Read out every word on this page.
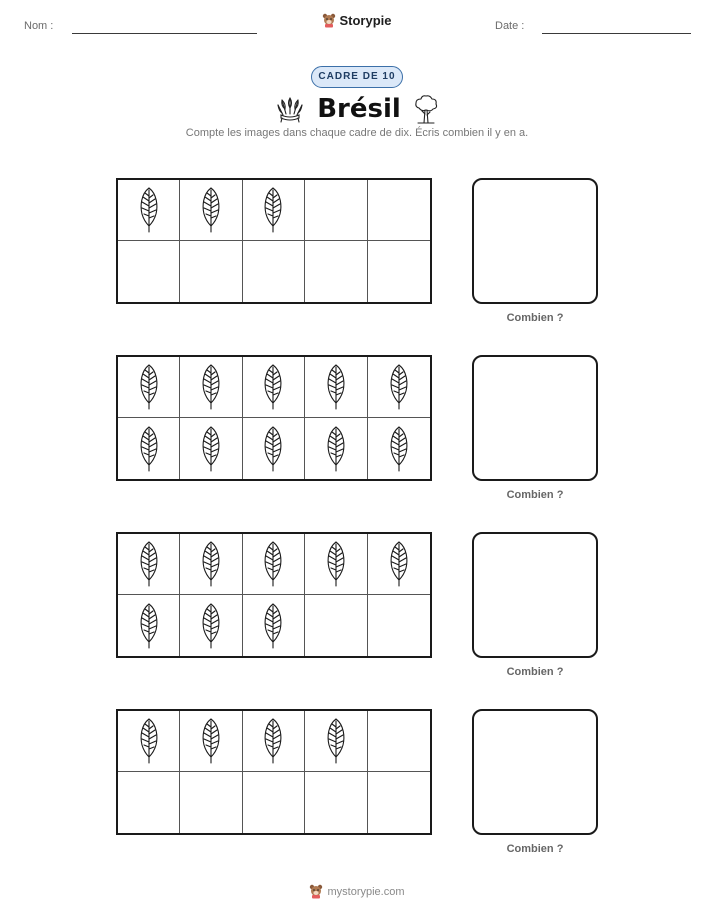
Nom :	Storypie	Date :
CADRE DE 10
Brésil
Compte les images dans chaque cadre de dix. Écris combien il y en a.
Combien ?
Combien ?
Combien ?
Combien ?
mystorypie.com
